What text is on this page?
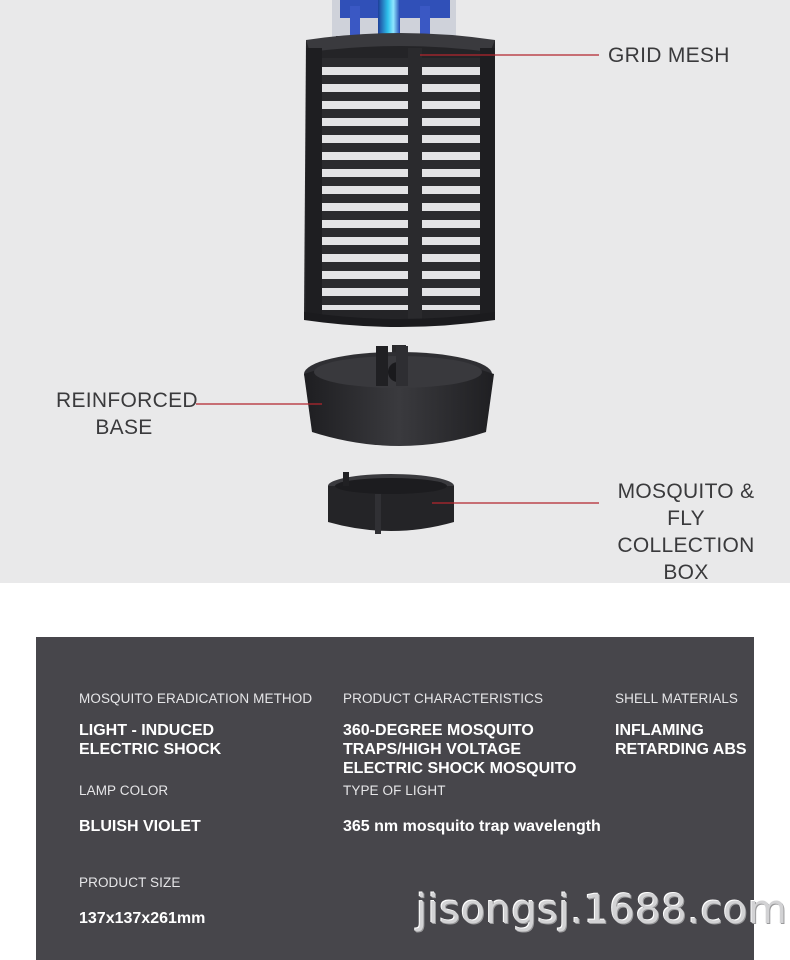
GRID MESH
REINFORCED
BASE
MOSQUITO & FLY
COLLECTION BOX
MOSQUITO ERADICATION METHOD
LIGHT - INDUCED
ELECTRIC SHOCK
PRODUCT CHARACTERISTICS
360-DEGREE MOSQUITO
TRAPS/HIGH VOLTAGE
ELECTRIC SHOCK MOSQUITO
SHELL MATERIALS
INFLAMING
RETARDING ABS
LAMP COLOR
BLUISH VIOLET
TYPE OF LIGHT
365 nm mosquito trap wavelength
PRODUCT SIZE
137x137x261mm	jisongsj.1688.com
